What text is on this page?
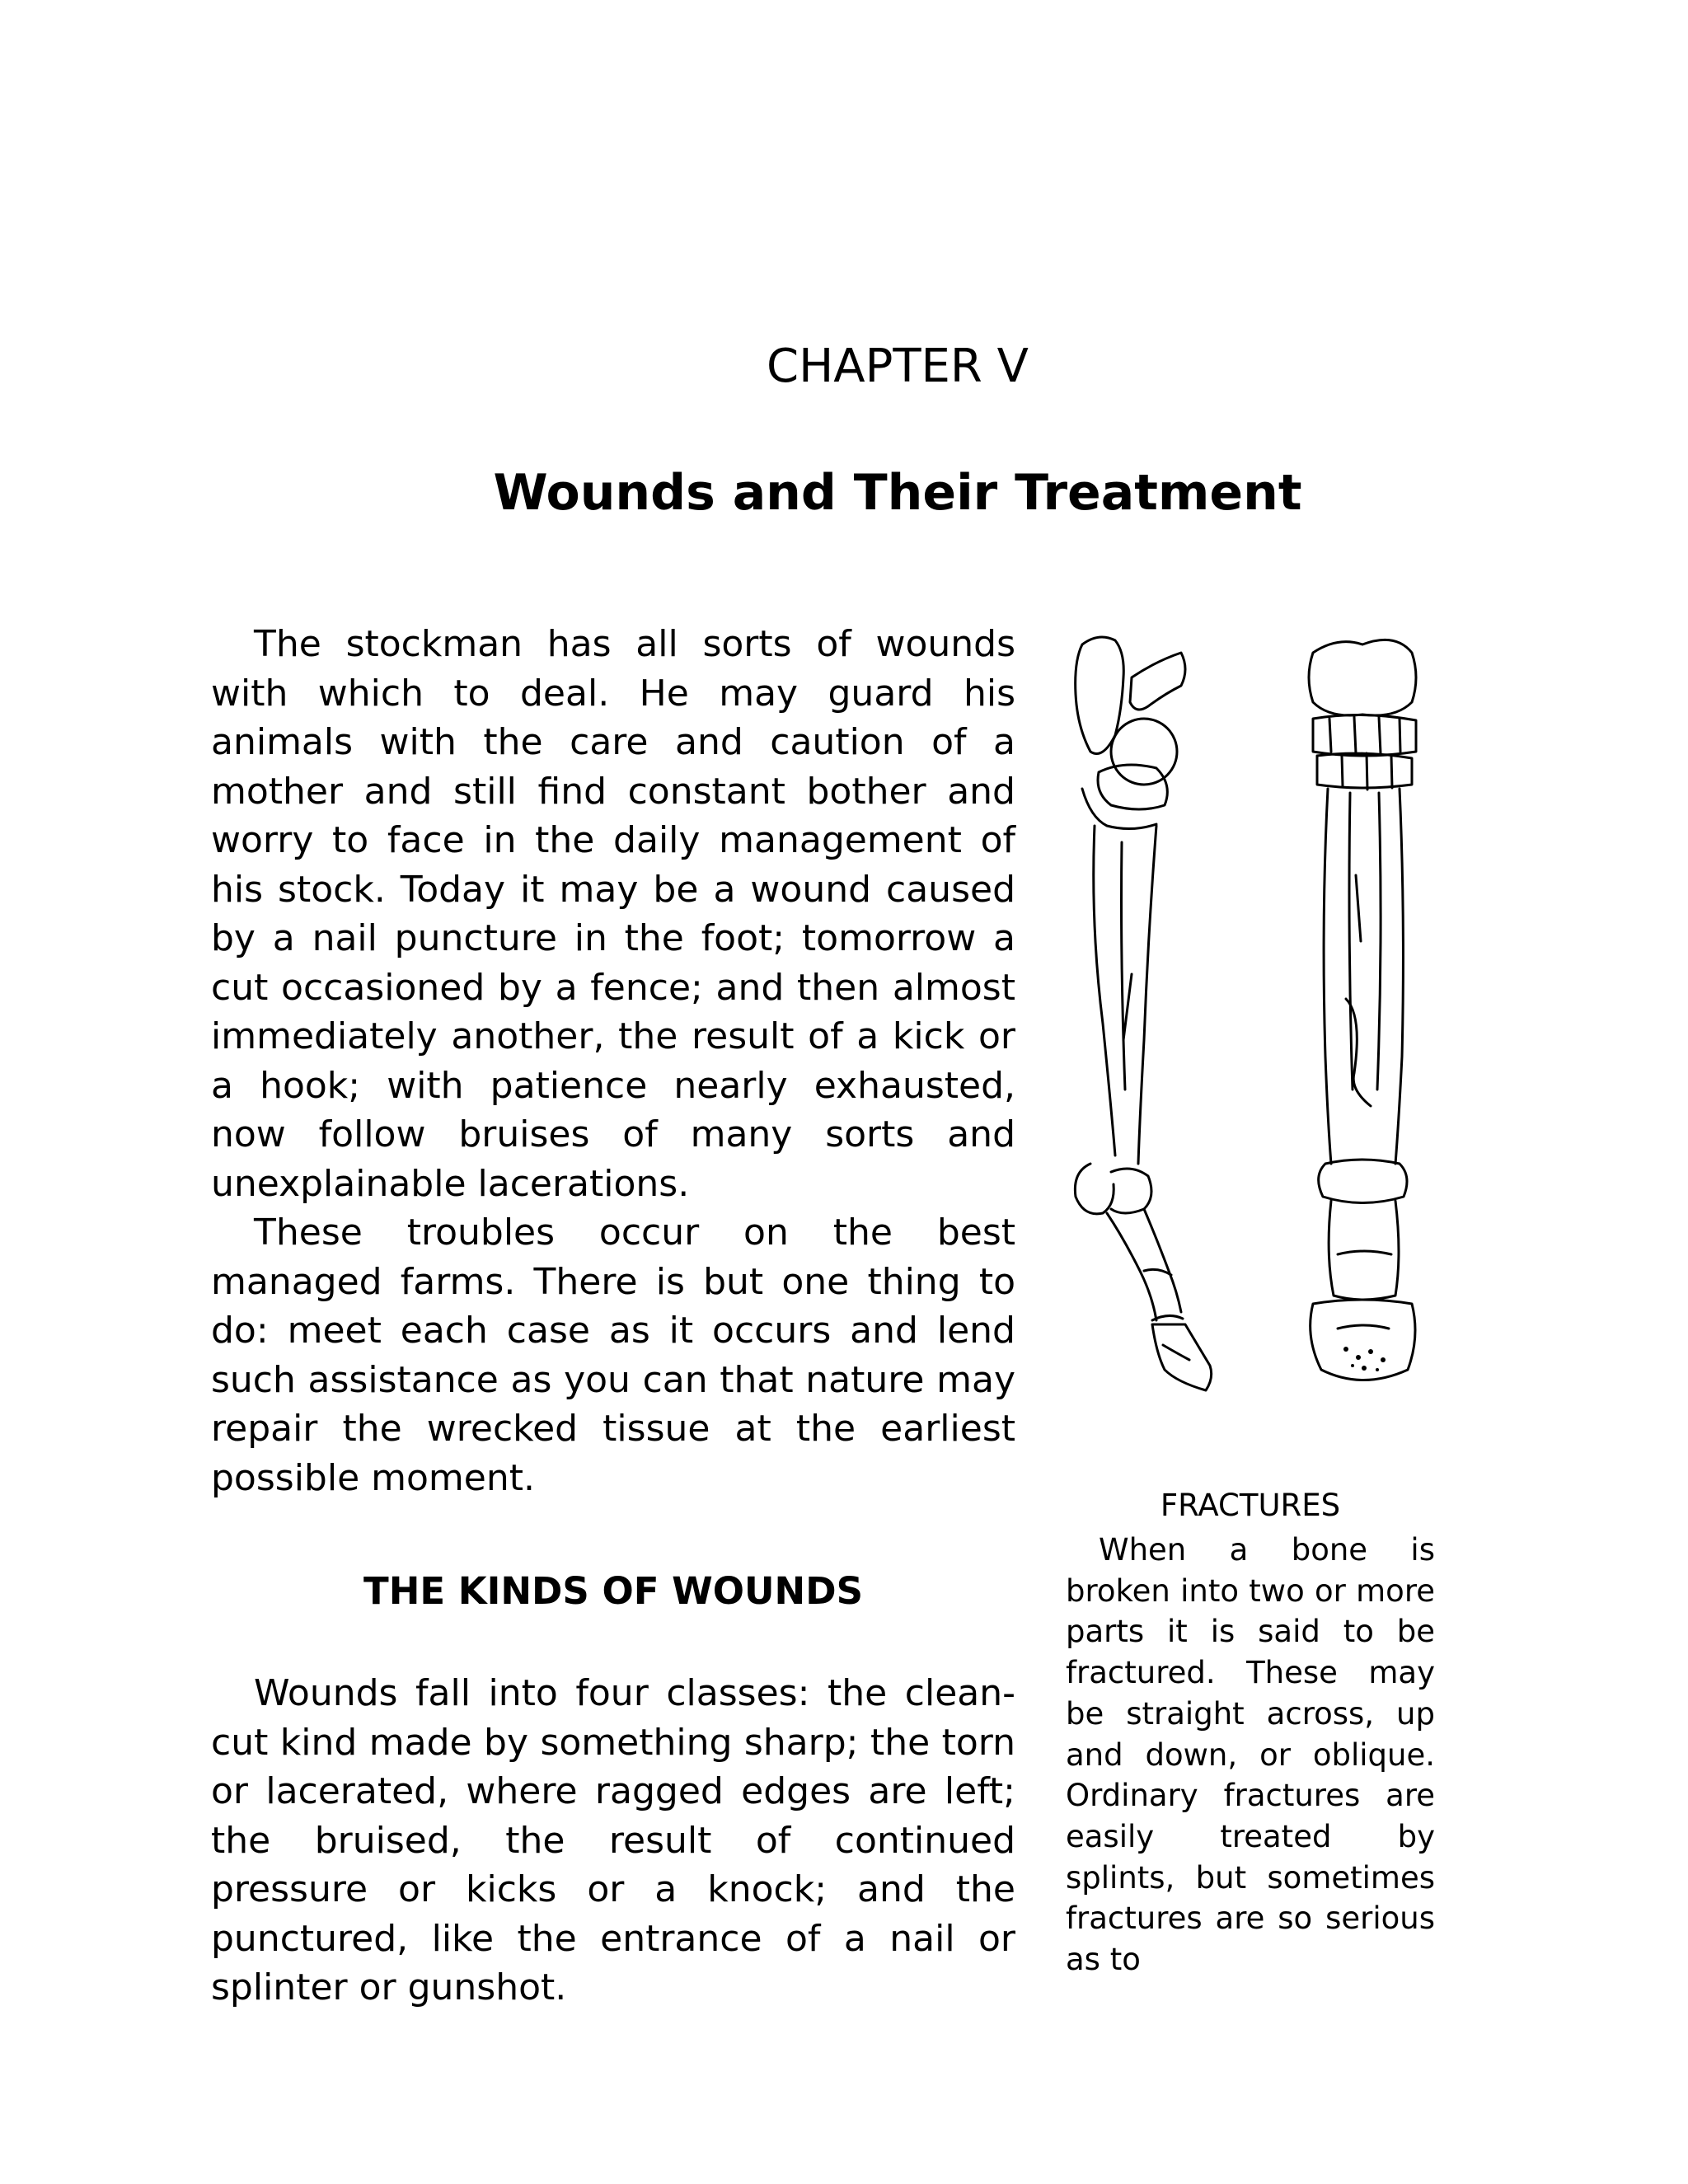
CHAPTER V
Wounds and Their Treatment

The stockman has all sorts of wounds with which to deal. He may guard his animals with the care and caution of a mother and still find constant bother and worry to face in the daily management of his stock. Today it may be a wound caused by a nail puncture in the foot; tomorrow a cut occasioned by a fence; and then almost immediately another, the result of a kick or a hook; with patience nearly exhausted, now follow bruises of many sorts and unexplainable lacerations.

These troubles occur on the best managed farms. There is but one thing to do: meet each case as it occurs and lend such assistance as you can that nature may repair the wrecked tissue at the earliest possible moment.

THE KINDS OF WOUNDS

Wounds fall into four classes: the clean-cut kind made by something sharp; the torn or lacerated, where ragged edges are left; the bruised, the result of continued pressure or kicks or a knock; and the punctured, like the entrance of a nail or splinter or gunshot.

FRACTURES

When a bone is broken into two or more parts it is said to be fractured. These may be straight across, up and down, or oblique. Ordinary fractures are easily treated by splints, but sometimes fractures are so serious as to
